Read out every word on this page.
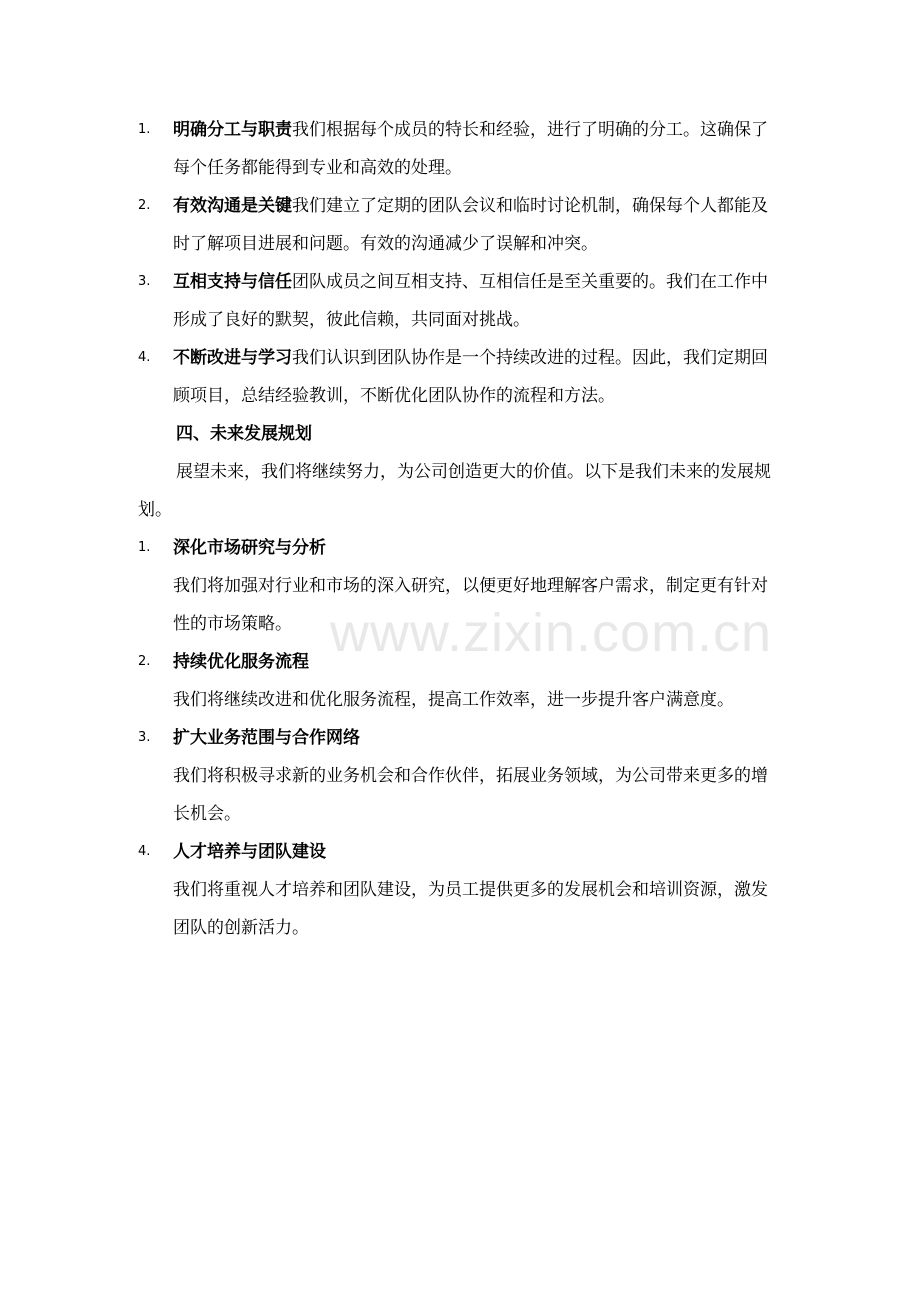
1.	明确分工与职责我们根据每个成员的特长和经验，进行了明确的分工。这确保了每个任务都能得到专业和高效的处理。
2.	有效沟通是关键我们建立了定期的团队会议和临时讨论机制，确保每个人都能及时了解项目进展和问题。有效的沟通减少了误解和冲突。
3.	互相支持与信任团队成员之间互相支持、互相信任是至关重要的。我们在工作中形成了良好的默契，彼此信赖，共同面对挑战。
4.	不断改进与学习我们认识到团队协作是一个持续改进的过程。因此，我们定期回顾项目，总结经验教训，不断优化团队协作的流程和方法。
四、未来发展规划
展望未来，我们将继续努力，为公司创造更大的价值。以下是我们未来的发展规划。
1.	深化市场研究与分析
我们将加强对行业和市场的深入研究，以便更好地理解客户需求，制定更有针对性的市场策略。
2.	持续优化服务流程
我们将继续改进和优化服务流程，提高工作效率，进一步提升客户满意度。
3.	扩大业务范围与合作网络
我们将积极寻求新的业务机会和合作伙伴，拓展业务领域，为公司带来更多的增长机会。
4.	人才培养与团队建设
我们将重视人才培养和团队建设，为员工提供更多的发展机会和培训资源，激发团队的创新活力。
www.zixin.com.cn
